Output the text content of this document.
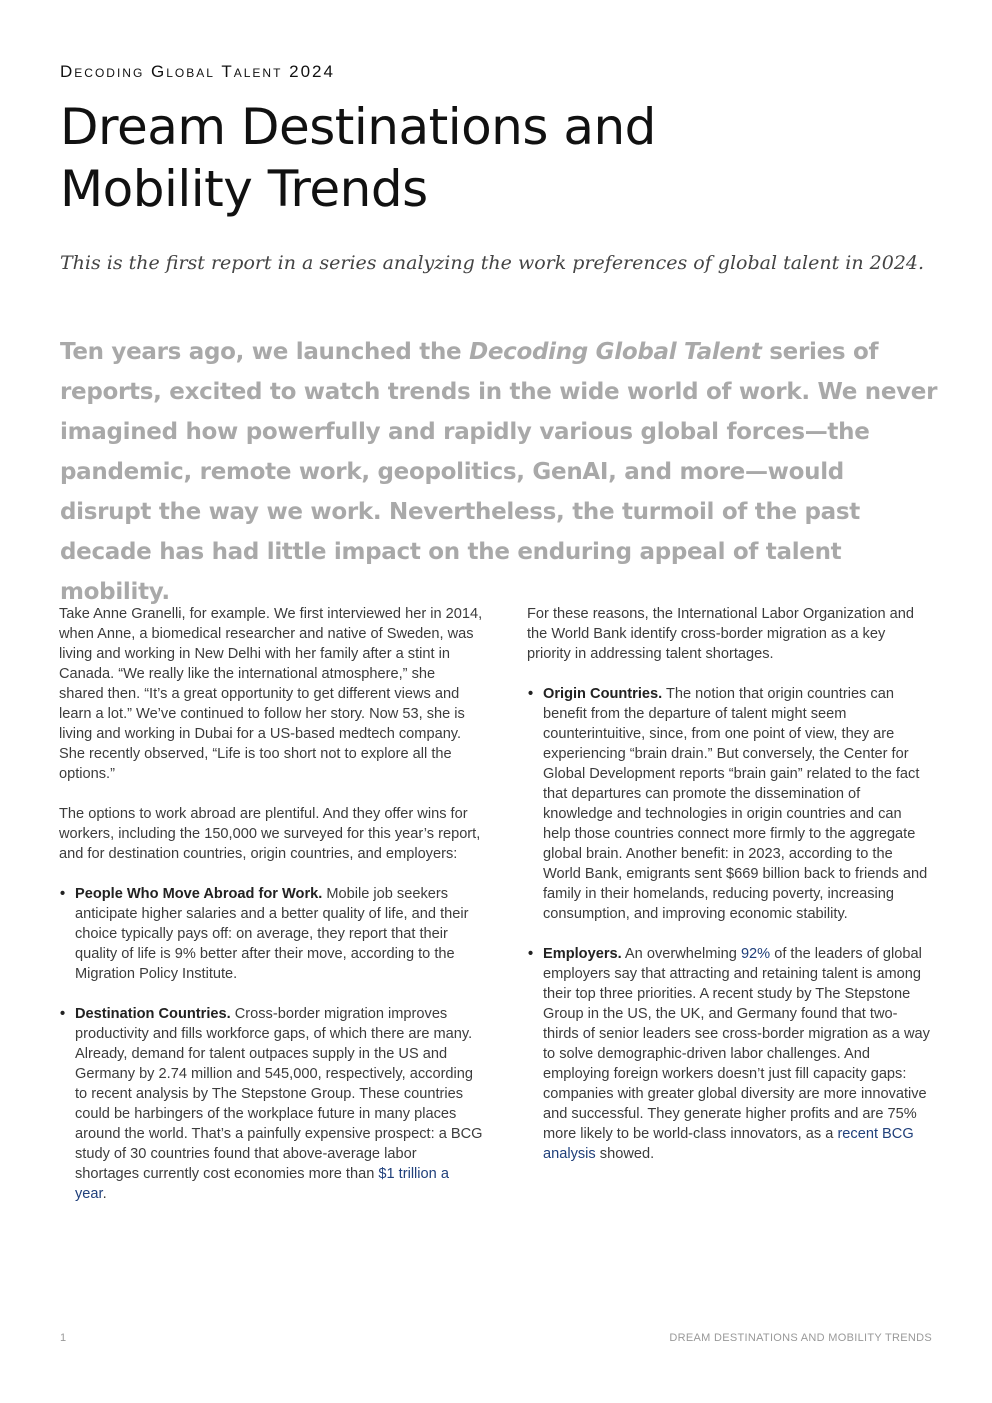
Decoding Global Talent 2024
Dream Destinations and Mobility Trends
This is the first report in a series analyzing the work preferences of global talent in 2024.

Ten years ago, we launched the Decoding Global Talent series of reports, excited to watch trends in the wide world of work. We never imagined how powerfully and rapidly various global forces—the pandemic, remote work, geopolitics, GenAI, and more—would disrupt the way we work. Nevertheless, the turmoil of the past decade has had little impact on the enduring appeal of talent mobility.

Take Anne Granelli, for example. We first interviewed her in 2014, when Anne, a biomedical researcher and native of Sweden, was living and working in New Delhi with her family after a stint in Canada. “We really like the international atmosphere,” she shared then. “It’s a great opportunity to get different views and learn a lot.” We’ve continued to follow her story. Now 53, she is living and working in Dubai for a US-based medtech company. She recently observed, “Life is too short not to explore all the options.”

The options to work abroad are plentiful. And they offer wins for workers, including the 150,000 we surveyed for this year’s report, and for destination countries, origin countries, and employers:

• People Who Move Abroad for Work. Mobile job seekers anticipate higher salaries and a better quality of life, and their choice typically pays off: on average, they report that their quality of life is 9% better after their move, according to the Migration Policy Institute.
• Destination Countries. Cross-border migration improves productivity and fills workforce gaps, of which there are many. Already, demand for talent outpaces supply in the US and Germany by 2.74 million and 545,000, respectively, according to recent analysis by The Stepstone Group. These countries could be harbingers of the workplace future in many places around the world. That’s a painfully expensive prospect: a BCG study of 30 countries found that above-average labor shortages currently cost economies more than $1 trillion a year.

For these reasons, the International Labor Organization and the World Bank identify cross-border migration as a key priority in addressing talent shortages.

• Origin Countries. The notion that origin countries can benefit from the departure of talent might seem counterintuitive, since, from one point of view, they are experiencing “brain drain.” But conversely, the Center for Global Development reports “brain gain” related to the fact that departures can promote the dissemination of knowledge and technologies in origin countries and can help those countries connect more firmly to the aggregate global brain. Another benefit: in 2023, according to the World Bank, emigrants sent $669 billion back to friends and family in their homelands, reducing poverty, increasing consumption, and improving economic stability.
• Employers. An overwhelming 92% of the leaders of global employers say that attracting and retaining talent is among their top three priorities. A recent study by The Stepstone Group in the US, the UK, and Germany found that two-thirds of senior leaders see cross-border migration as a way to solve demographic-driven labor challenges. And employing foreign workers doesn’t just fill capacity gaps: companies with greater global diversity are more innovative and successful. They generate higher profits and are 75% more likely to be world-class innovators, as a recent BCG analysis showed.
1	DREAM DESTINATIONS AND MOBILITY TRENDS
